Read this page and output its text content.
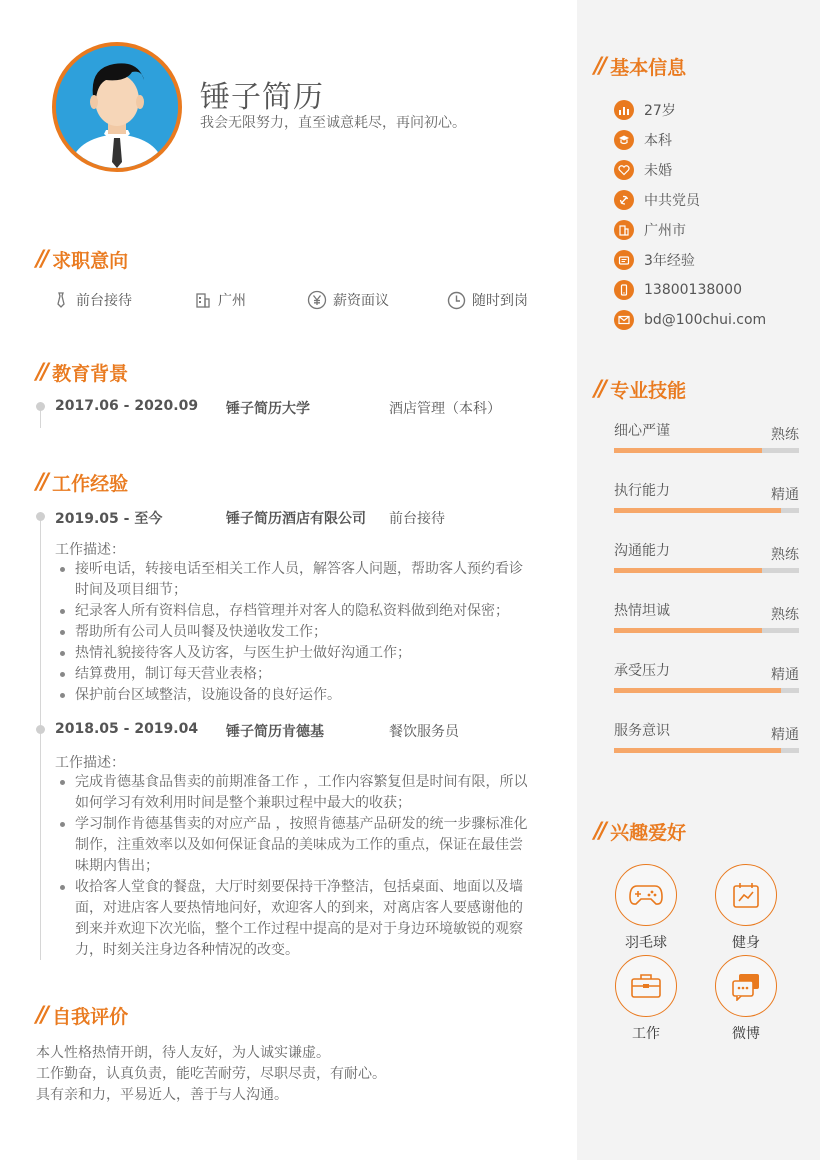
锤子简历
我会无限努力，直至诚意耗尽，再问初心。
// 求职意向
前台接待	广州	薪资面议	随时到岗
// 教育背景
2017.06 - 2020.09 锤子简历大学	酒店管理（本科）
// 工作经验
2019.05 - 至今	锤子简历酒店有限公司 前台接待
工作描述：
接听电话，转接电话至相关工作人员，解答客人问题，帮助客人预约看诊时间及项目细节；
纪录客人所有资料信息，存档管理并对客人的隐私资料做到绝对保密；
帮助所有公司人员叫餐及快递收发工作；
热情礼貌接待客人及访客，与医生护士做好沟通工作；
结算费用，制订每天营业表格；
保护前台区域整洁，设施设备的良好运作。
2018.05 - 2019.04 锤子简历肯德基	餐饮服务员
工作描述：
完成肯德基食品售卖的前期准备工作 ，工作内容繁复但是时间有限，所以如何学习有效利用时间是整个兼职过程中最大的收获；
学习制作肯德基售卖的对应产品 ，按照肯德基产品研发的统一步骤标准化制作，注重效率以及如何保证食品的美味成为工作的重点，保证在最佳尝味期内售出；
收拾客人堂食的餐盘，大厅时刻要保持干净整洁，包括桌面、地面以及墙面，对进店客人要热情地问好，欢迎客人的到来，对离店客人要感谢他的到来并欢迎下次光临，整个工作过程中提高的是对于身边环境敏锐的观察力，时刻关注身边各种情况的改变。
// 自我评价
本人性格热情开朗，待人友好，为人诚实谦虚。
工作勤奋，认真负责，能吃苦耐劳，尽职尽责，有耐心。
具有亲和力，平易近人，善于与人沟通。
// 基本信息
27岁
本科
未婚
中共党员
广州市
3年经验
13800138000
bd@100chui.com
// 专业技能
细心严谨	熟练
执行能力	精通
沟通能力	熟练
热情坦诚	熟练
承受压力	精通
服务意识	精通
// 兴趣爱好
羽毛球	健身
工作	微博
